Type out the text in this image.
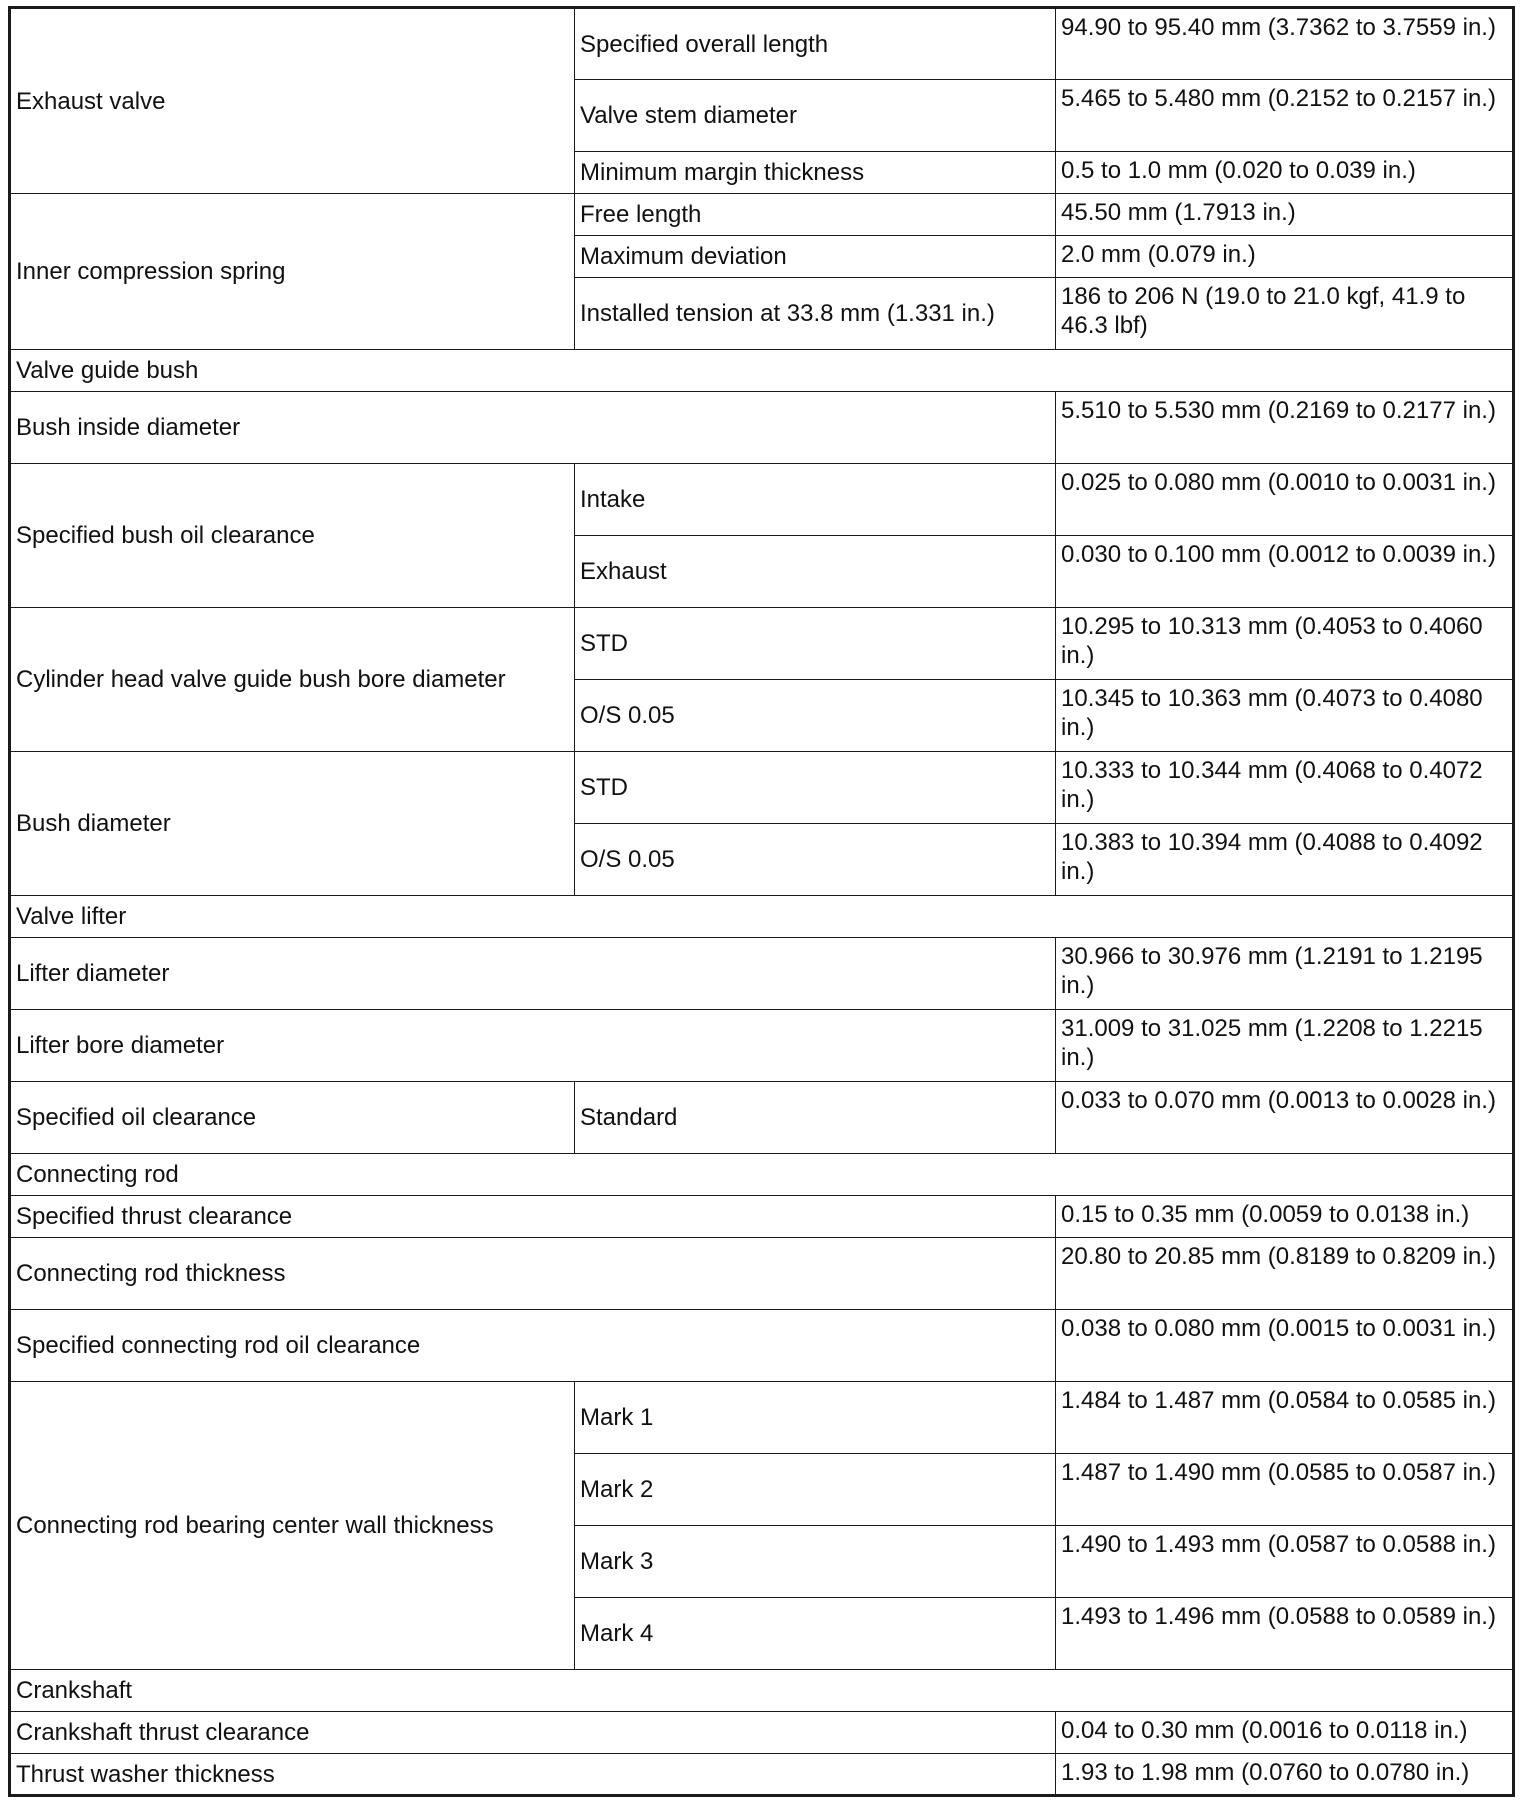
Exhaust valve	Specified overall length	94.90 to 95.40 mm (3.7362 to 3.7559 in.)
	Valve stem diameter	5.465 to 5.480 mm (0.2152 to 0.2157 in.)
	Minimum margin thickness	0.5 to 1.0 mm (0.020 to 0.039 in.)
Inner compression spring	Free length	45.50 mm (1.7913 in.)
	Maximum deviation	2.0 mm (0.079 in.)
	Installed tension at 33.8 mm (1.331 in.)	186 to 206 N (19.0 to 21.0 kgf, 41.9 to 46.3 lbf)
Valve guide bush		
Bush inside diameter		5.510 to 5.530 mm (0.2169 to 0.2177 in.)
Specified bush oil clearance	Intake	0.025 to 0.080 mm (0.0010 to 0.0031 in.)
	Exhaust	0.030 to 0.100 mm (0.0012 to 0.0039 in.)
Cylinder head valve guide bush bore diameter	STD	10.295 to 10.313 mm (0.4053 to 0.4060 in.)
	O/S 0.05	10.345 to 10.363 mm (0.4073 to 0.4080 in.)
Bush diameter	STD	10.333 to 10.344 mm (0.4068 to 0.4072 in.)
	O/S 0.05	10.383 to 10.394 mm (0.4088 to 0.4092 in.)
Valve lifter		
Lifter diameter		30.966 to 30.976 mm (1.2191 to 1.2195 in.)
Lifter bore diameter		31.009 to 31.025 mm (1.2208 to 1.2215 in.)
Specified oil clearance	Standard	0.033 to 0.070 mm (0.0013 to 0.0028 in.)
Connecting rod		
Specified thrust clearance		0.15 to 0.35 mm (0.0059 to 0.0138 in.)
Connecting rod thickness		20.80 to 20.85 mm (0.8189 to 0.8209 in.)
Specified connecting rod oil clearance		0.038 to 0.080 mm (0.0015 to 0.0031 in.)
Connecting rod bearing center wall thickness	Mark 1	1.484 to 1.487 mm (0.0584 to 0.0585 in.)
	Mark 2	1.487 to 1.490 mm (0.0585 to 0.0587 in.)
	Mark 3	1.490 to 1.493 mm (0.0587 to 0.0588 in.)
	Mark 4	1.493 to 1.496 mm (0.0588 to 0.0589 in.)
Crankshaft		
Crankshaft thrust clearance		0.04 to 0.30 mm (0.0016 to 0.0118 in.)
Thrust washer thickness		1.93 to 1.98 mm (0.0760 to 0.0780 in.)
